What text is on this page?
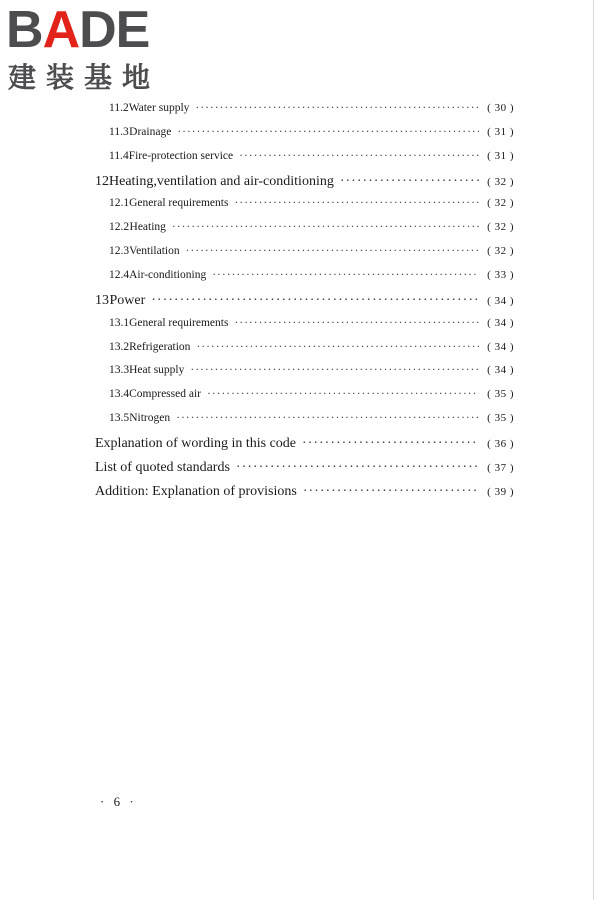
BADE
建装基地
11.2 Water supply ·····	( 30 )
11.3 Drainage ·····	( 31 )
11.4 Fire-protection service ·····	( 31 )
12 Heating,ventilation and air-conditioning ·····	( 32 )
12.1 General requirements ·····	( 32 )
12.2 Heating ·····	( 32 )
12.3 Ventilation ·····	( 32 )
12.4 Air-conditioning ·····	( 33 )
13 Power ·····	( 34 )
13.1 General requirements ·····	( 34 )
13.2 Refrigeration ·····	( 34 )
13.3 Heat supply ·····	( 34 )
13.4 Compressed air ·····	( 35 )
13.5 Nitrogen ·····	( 35 )
Explanation of wording in this code ·····	( 36 )
List of quoted standards ·····	( 37 )
Addition: Explanation of provisions ·····	( 39 )
· 6 ·
